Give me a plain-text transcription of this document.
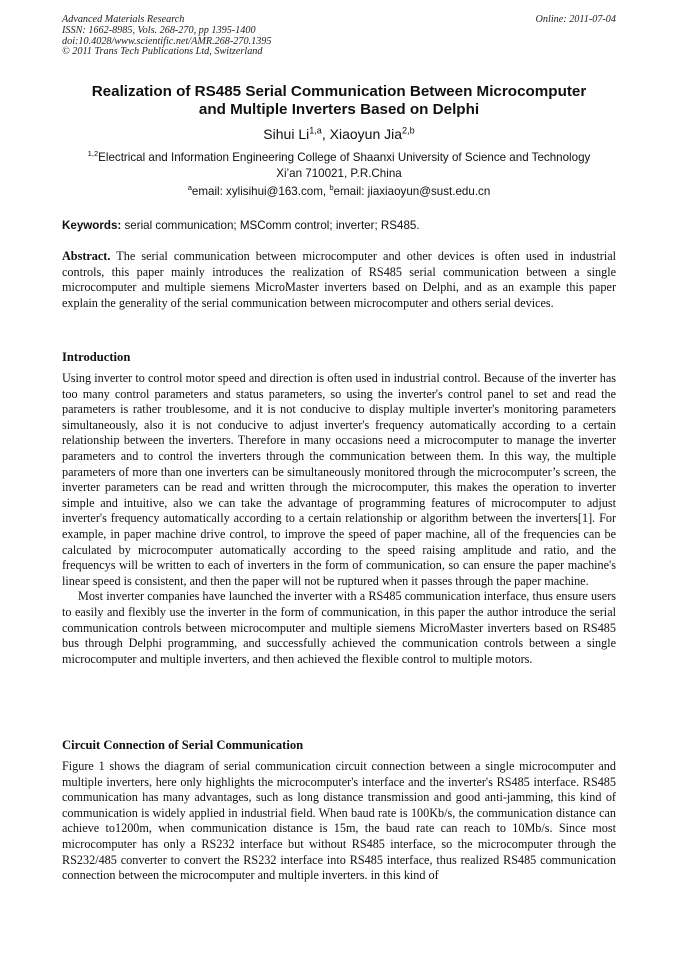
Advanced Materials Research
ISSN: 1662-8985, Vols. 268-270, pp 1395-1400
doi:10.4028/www.scientific.net/AMR.268-270.1395
© 2011 Trans Tech Publications Ltd, Switzerland
Online: 2011-07-04
Realization of RS485 Serial Communication Between Microcomputer
and Multiple Inverters Based on Delphi
Sihui Li$^{1,a}$, Xiaoyun Jia$^{2,b}$
$^{1,2}$Electrical and Information Engineering College of Shaanxi University of Science and Technology
Xi’an 710021, P.R.China
$^a$email: xylisihui@163.com, $^b$email: jiaxiaoyun@sust.edu.cn
Keywords: serial communication; MSComm control; inverter; RS485.
Abstract. The serial communication between microcomputer and other devices is often used in industrial controls, this paper mainly introduces the realization of RS485 serial communication between a single microcomputer and multiple siemens MicroMaster inverters based on Delphi, and as an example this paper explain the generality of the serial communication between microcomputer and others serial devices.
Introduction
Using inverter to control motor speed and direction is often used in industrial control. Because of the inverter has too many control parameters and status parameters, so using the inverter's control panel to set and read the parameters is rather troublesome, and it is not conducive to display multiple inverter's monitoring parameters simultaneously, also it is not conducive to adjust inverter's frequency automatically according to a certain relationship between the inverters. Therefore in many occasions need a microcomputer to manage the inverter parameters and to control the inverters through the communication between them. In this way, the multiple parameters of more than one inverters can be simultaneously monitored through the microcomputer’s screen, the inverter parameters can be read and written through the microcomputer, this makes the operation to inverter simple and intuitive, also we can take the advantage of programming features of microcomputer to adjust inverter's frequency automatically according to a certain relationship or algorithm between the inverters[1]. For example, in paper machine drive control, to improve the speed of paper machine, all of the frequencies can be calculated by microcomputer automatically according to the speed raising amplitude and ratio, and the frequencys will be written to each of inverters in the form of communication, so can ensure the paper machine's linear speed is consistent, and then the paper will not be ruptured when it passes through the paper machine.
Most inverter companies have launched the inverter with a RS485 communication interface, thus ensure users to easily and flexibly use the inverter in the form of communication, in this paper the author introduce the serial communication controls between microcomputer and multiple siemens MicroMaster inverters based on RS485 bus through Delphi programming, and successfully achieved the communication controls between a single microcomputer and multiple inverters, and then achieved the flexible control to multiple motors.
Circuit Connection of Serial Communication
Figure 1 shows the diagram of serial communication circuit connection between a single microcomputer and multiple inverters, here only highlights the microcomputer's interface and the inverter's RS485 interface. RS485 communication has many advantages, such as long distance transmission and good anti-jamming, this kind of communication is widely applied in industrial field. When baud rate is 100Kb/s, the communication distance can achieve to1200m, when communication distance is 15m, the baud rate can reach to 10Mb/s. Since most microcomputer has only a RS232 interface but without RS485 interface, so the microcomputer through the RS232/485 converter to convert the RS232 interface into RS485 interface, thus realized RS485 communication connection between the microcomputer and multiple inverters. in this kind of
